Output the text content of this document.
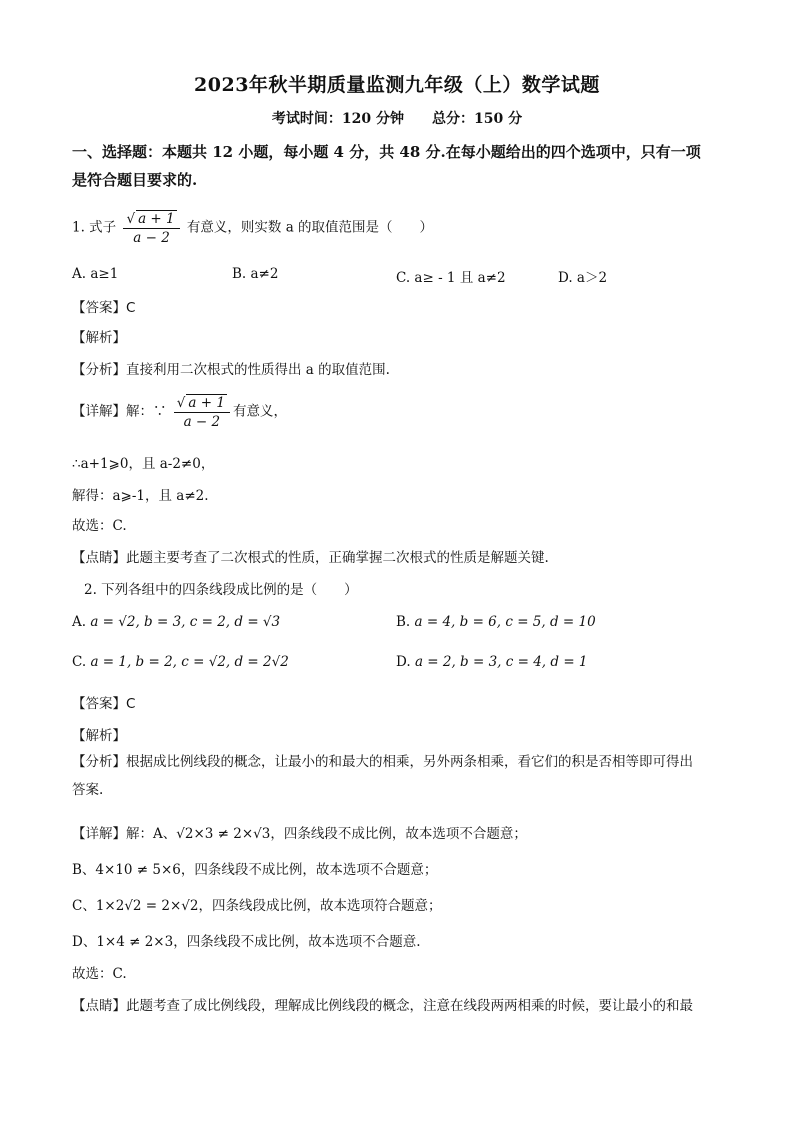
2023年秋半期质量监测九年级（上）数学试题
考试时间：120 分钟 总分：150 分
一、选择题：本题共 12 小题，每小题 4 分，共 48 分.在每小题给出的四个选项中，只有一项
是符合题目要求的.
1. 式子 $\frac{√ a + 1}{a - 2}$ 有意义，则实数 a 的取值范围是（　　）
A. a≥1	B. a≠2	C. a≥ - 1 且 a≠2	D. a＞2
【答案】C
【解析】
【分析】直接利用二次根式的性质得出 a 的取值范围.
【详解】解：∵ $\frac{√ a + 1}{a - 2}$ 有意义，
∴a+1⩾0，且 a-2≠0，
解得：a⩾-1，且 a≠2.
故选：C.
【点睛】此题主要考查了二次根式的性质，正确掌握二次根式的性质是解题关键.
2. 下列各组中的四条线段成比例的是（　　）
A. a = √2, b = 3, c = 2, d = √3	B. a = 4, b = 6, c = 5, d = 10
C. a = 1, b = 2, c = √2, d = 2√2	D. a = 2, b = 3, c = 4, d = 1
【答案】C
【解析】
【分析】根据成比例线段的概念，让最小的和最大的相乘，另外两条相乘，看它们的积是否相等即可得出
答案.
【详解】解：A、√2×3 ≠ 2×√3，四条线段不成比例，故本选项不合题意；
B、4×10 ≠ 5×6，四条线段不成比例，故本选项不合题意；
C、1×2√2 = 2×√2，四条线段成比例，故本选项符合题意；
D、1×4 ≠ 2×3，四条线段不成比例，故本选项不合题意.
故选：C.
【点睛】此题考查了成比例线段，理解成比例线段的概念，注意在线段两两相乘的时候，要让最小的和最
